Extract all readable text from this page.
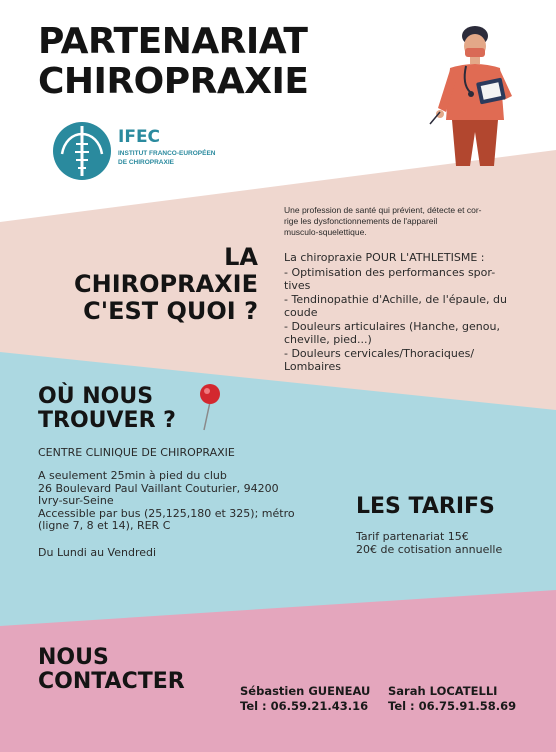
PARTENARIAT
CHIROPRAXIE
IFEC
INSTITUT FRANCO-EUROPÉEN
DE CHIROPRAXIE
Une profession de santé qui prévient, détecte et cor-
rige les dysfonctionnements de l'appareil
musculo-squelettique.
LA CHIROPRAXIE
C'EST QUOI ?
La chiropraxie POUR L'ATHLETISME :
- Optimisation des performances spor-
tives
- Tendinopathie d'Achille, de l'épaule, du
coude
- Douleurs articulaires (Hanche, genou,
cheville, pied...)
- Douleurs cervicales/Thoraciques/
Lombaires
OÙ NOUS
TROUVER ?
CENTRE CLINIQUE DE CHIROPRAXIE
A seulement 25min à pied du club
26 Boulevard Paul Vaillant Couturier, 94200
Ivry-sur-Seine
Accessible par bus (25,125,180 et 325); métro
(ligne 7, 8 et 14), RER C
Du Lundi au Vendredi
LES TARIFS
Tarif partenariat 15€
20€ de cotisation annuelle
NOUS
CONTACTER	Sébastien GUENEAU
Tel : 06.59.21.43.16
Sarah LOCATELLI
Tel : 06.75.91.58.69
